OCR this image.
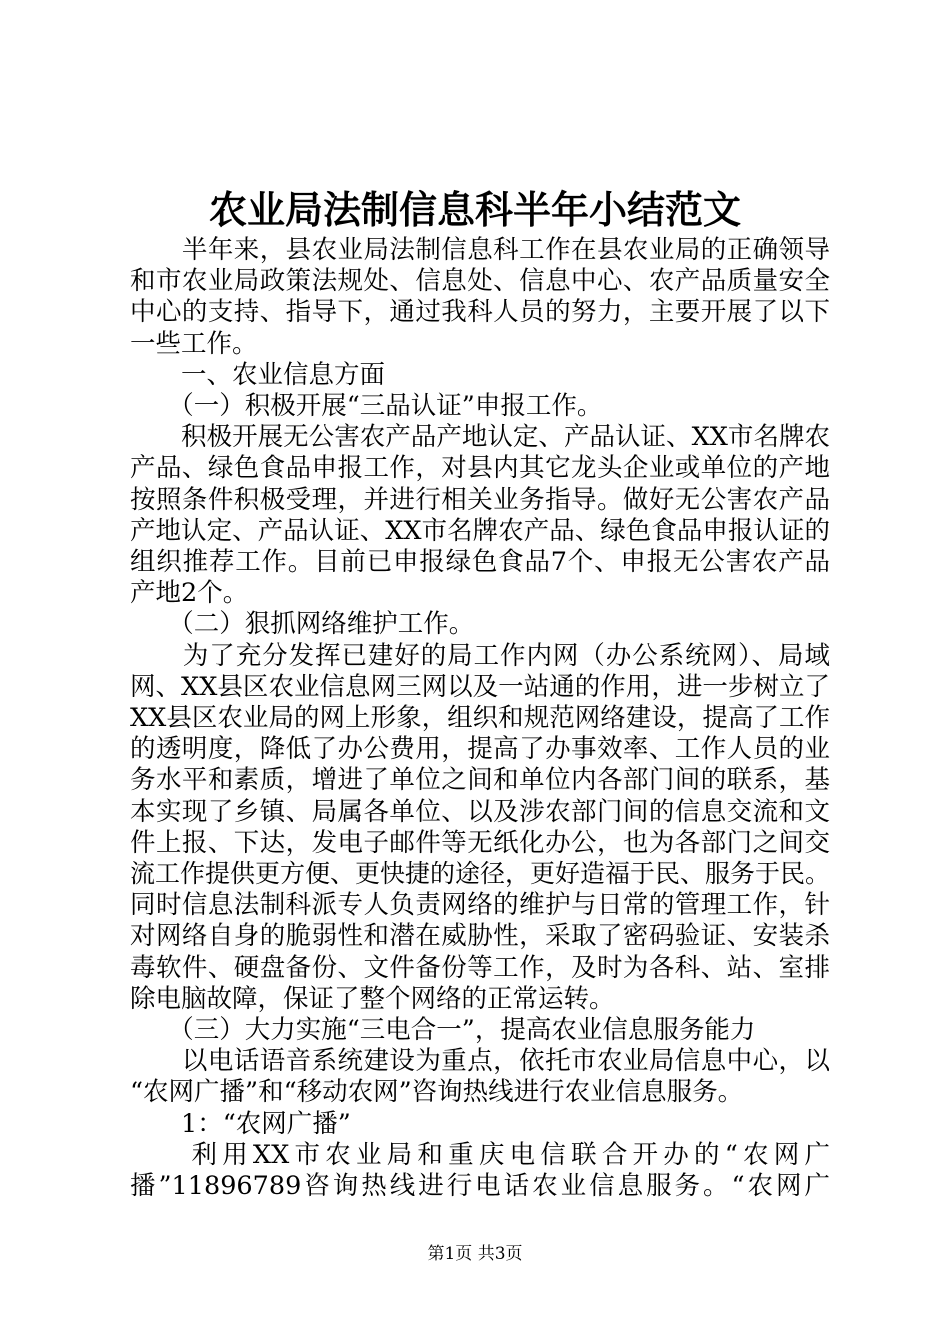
农业局法制信息科半年小结范文
　　半年来，县农业局法制信息科工作在县农业局的正确领导
和市农业局政策法规处、信息处、信息中心、农产品质量安全
中心的支持、指导下，通过我科人员的努力，主要开展了以下
一些工作。
　　一、农业信息方面
　　（一）积极开展“三品认证”申报工作。
　　积极开展无公害农产品产地认定、产品认证、XX市名牌农
产品、绿色食品申报工作，对县内其它龙头企业或单位的产地
按照条件积极受理，并进行相关业务指导。做好无公害农产品
产地认定、产品认证、XX市名牌农产品、绿色食品申报认证的
组织推荐工作。目前已申报绿色食品7个、申报无公害农产品
产地2个。
　　（二）狠抓网络维护工作。
　　为了充分发挥已建好的局工作内网（办公系统网）、局域
网、XX县区农业信息网三网以及一站通的作用，进一步树立了
XX县区农业局的网上形象，组织和规范网络建设，提高了工作
的透明度，降低了办公费用，提高了办事效率、工作人员的业
务水平和素质，增进了单位之间和单位内各部门间的联系，基
本实现了乡镇、局属各单位、以及涉农部门间的信息交流和文
件上报、下达，发电子邮件等无纸化办公，也为各部门之间交
流工作提供更方便、更快捷的途径，更好造福于民、服务于民。
同时信息法制科派专人负责网络的维护与日常的管理工作，针
对网络自身的脆弱性和潜在威胁性，采取了密码验证、安装杀
毒软件、硬盘备份、文件备份等工作，及时为各科、站、室排
除电脑故障，保证了整个网络的正常运转。
　　（三）大力实施“三电合一”，提高农业信息服务能力
　　以电话语音系统建设为重点，依托市农业局信息中心，以
“农网广播”和“移动农网”咨询热线进行农业信息服务。
　　1：“农网广播”
　　利用XX市农业局和重庆电信联合开办的“农网广
播”11896789咨询热线进行电话农业信息服务。“农网广
第1页 共3页
